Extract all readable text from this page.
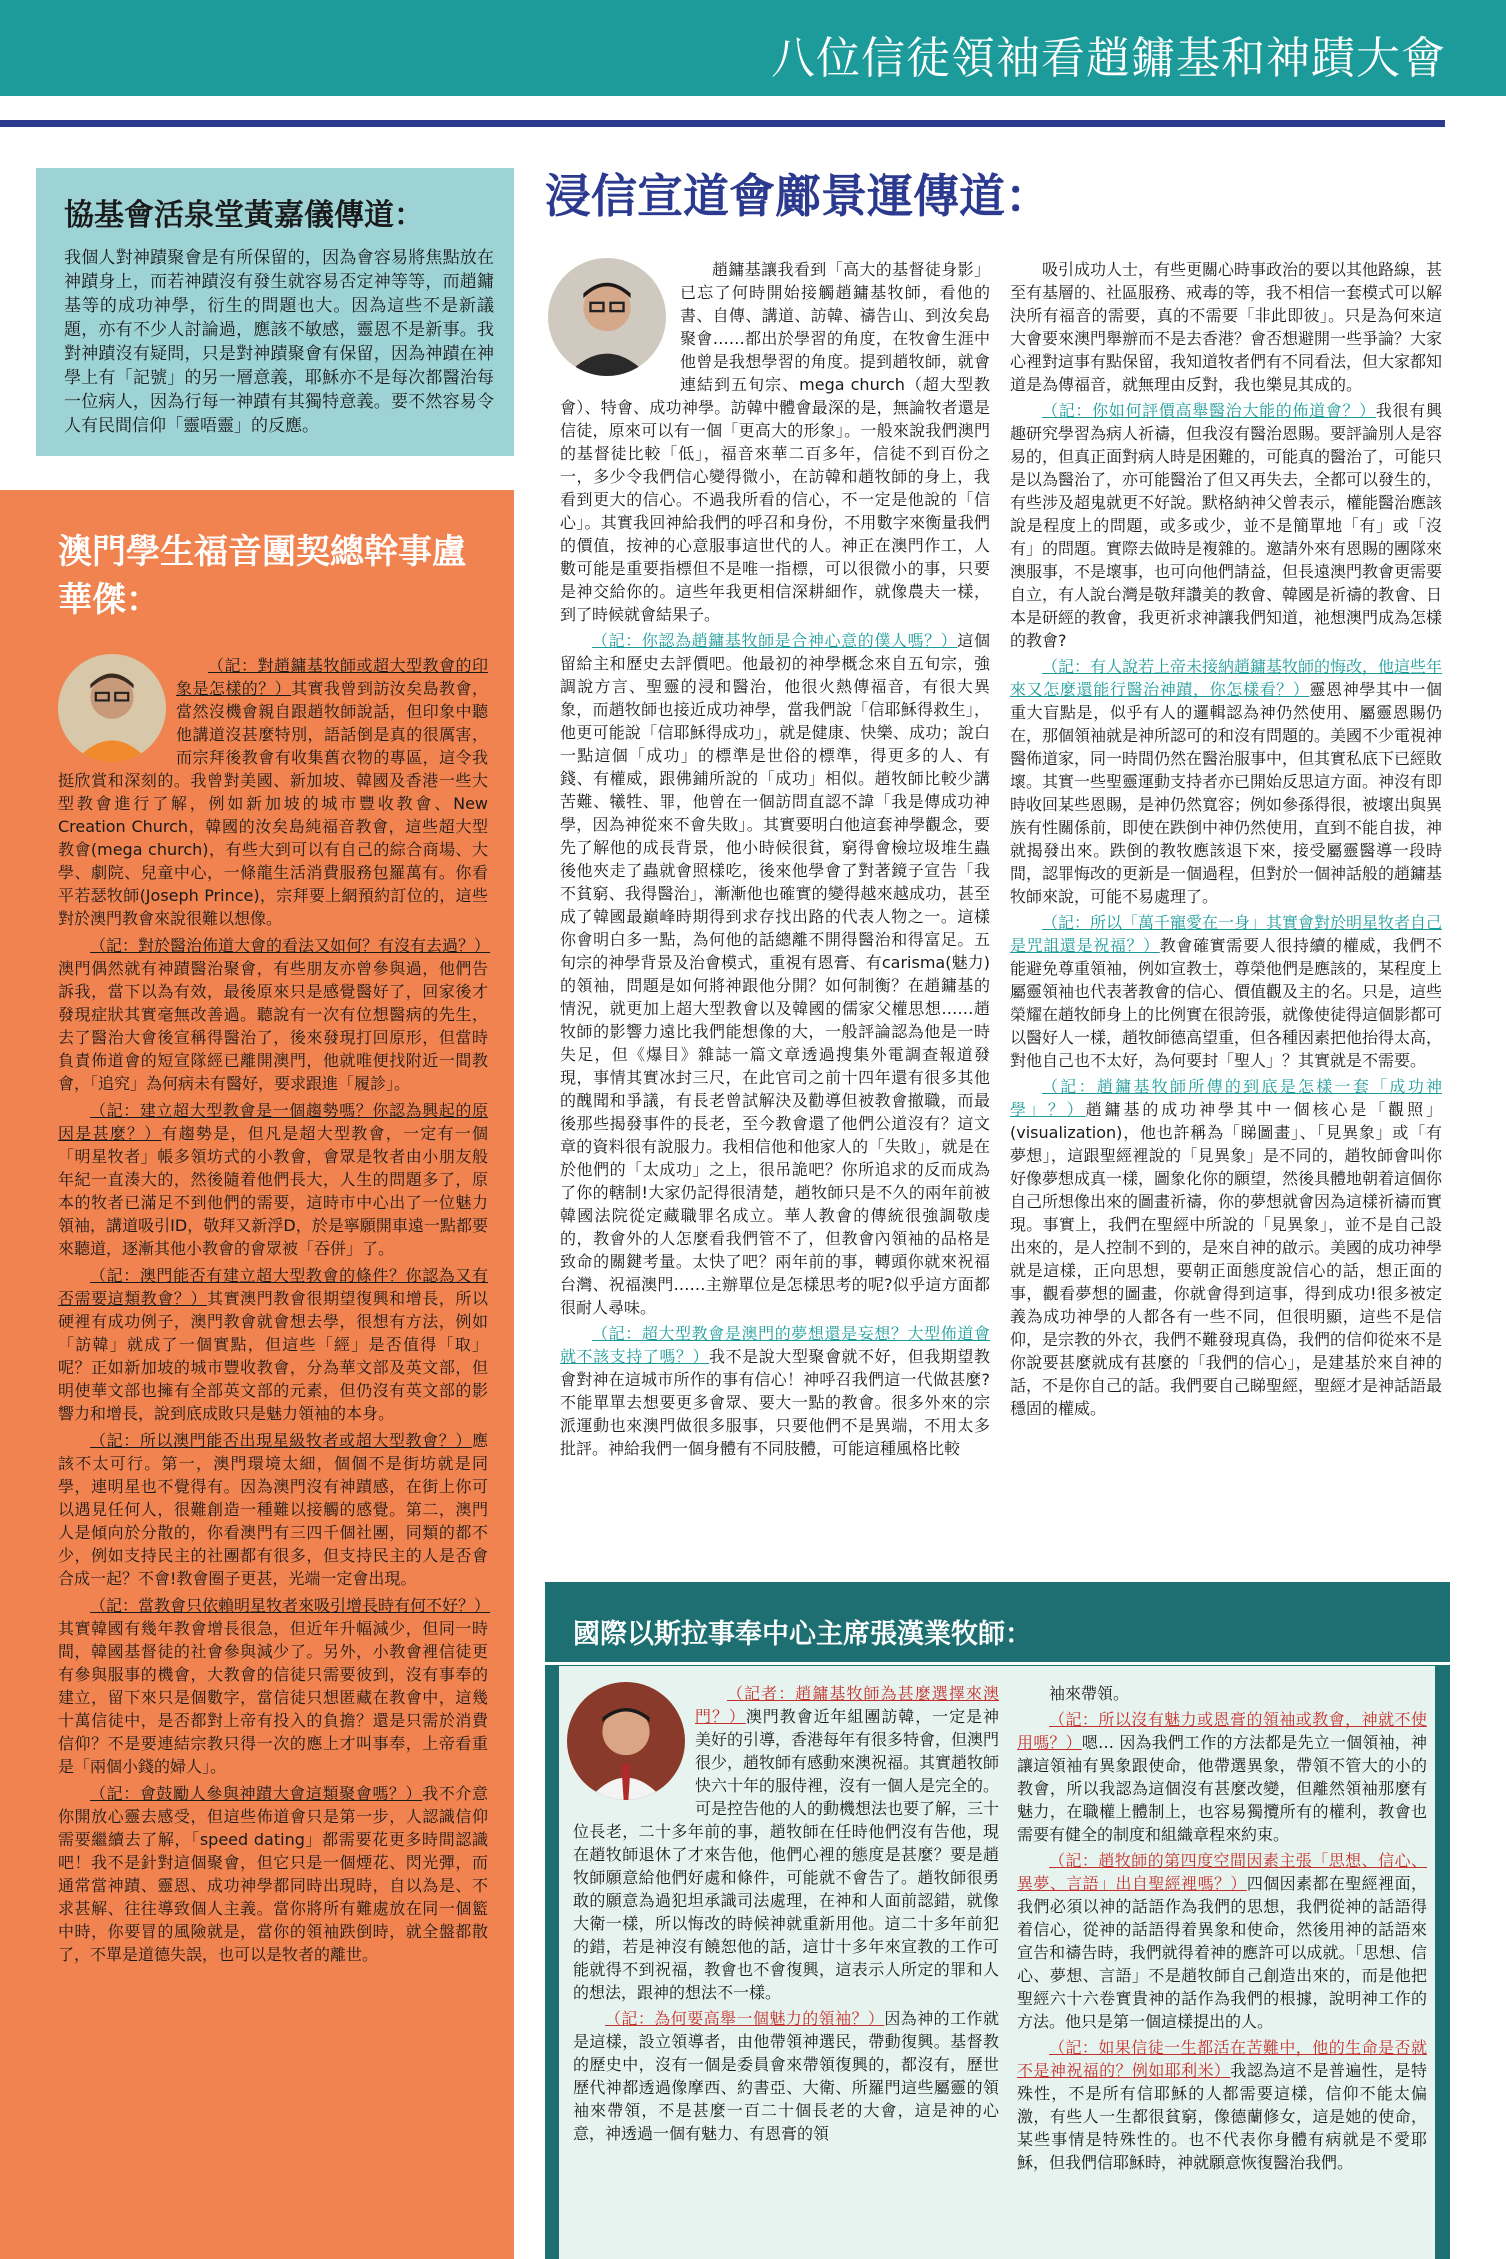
八位信徒領袖看趙鏞基和神蹟大會
協基會活泉堂黃嘉儀傳道：

我個人對神蹟聚會是有所保留的，因為會容易將焦點放在神蹟身上，而若神蹟沒有發生就容易否定神等等，而趙鏞基等的成功神學，衍生的問題也大。因為這些不是新議題，亦有不少人討論過，應該不敏感，靈恩不是新事。我對神蹟沒有疑問，只是對神蹟聚會有保留，因為神蹟在神學上有「記號」的另一層意義，耶穌亦不是每次都醫治每一位病人，因為行每一神蹟有其獨特意義。要不然容易令人有民間信仰「靈唔靈」的反應。

澳門學生福音團契總幹事盧華傑：

（記：對趙鏞基牧師或超大型教會的印象是怎樣的？）其實我曾到訪汝矣島教會，當然沒機會親自跟趙牧師說話，但印象中聽他講道沒甚麼特別，語話倒是真的很厲害，而宗拜後教會有收集舊衣物的專區，這令我挺欣賞和深刻的。我曾對美國、新加坡、韓國及香港一些大型教會進行了解，例如新加坡的城市豐收教會、New Creation Church，韓國的汝矣島純福音教會，這些超大型教會(mega church)，有些大到可以有自己的綜合商場、大學、劇院、兒童中心，一條龍生活消費服務包羅萬有。你看平若瑟牧師(Joseph Prince)，宗拜要上網預約訂位的，這些對於澳門教會來說很難以想像。

（記：對於醫治佈道大會的看法又如何？有沒有去過？）澳門偶然就有神蹟醫治聚會，有些朋友亦曾參與過，他們告訴我，當下以為有效，最後原來只是感覺醫好了，回家後才發現症狀其實毫無改善過。聽說有一次有位想醫病的先生，去了醫治大會後宣稱得醫治了，後來發現打回原形，但當時負責佈道會的短宣隊經已離開澳門，他就唯便找附近一間教會，「追究」為何病未有醫好，要求跟進「履診」。

（記：建立超大型教會是一個趨勢嗎？你認為興起的原因是甚麼？）有趨勢是，但凡是超大型教會，一定有一個「明星牧者」帳多領坊式的小教會，會眾是牧者由小朋友般年紀一直湊大的，然後隨着他們長大，人生的問題多了，原本的牧者已滿足不到他們的需要，這時市中心出了一位魅力領袖，講道吸引ID，敬拜又新浮D，於是寧願開車遠一點都要來聽道，逐漸其他小教會的會眾被「吞併」了。

（記：澳門能否有建立超大型教會的條件？你認為又有否需要這類教會？）其實澳門教會很期望復興和增長，所以硬裡有成功例子，澳門教會就會想去學，很想有方法，例如「訪韓」就成了一個實點，但這些「經」是否值得「取」呢？正如新加坡的城市豐收教會，分為華文部及英文部，但明使華文部也擁有全部英文部的元素，但仍沒有英文部的影響力和增長，說到底成敗只是魅力領袖的本身。

（記：所以澳門能否出現星級牧者或超大型教會？）應該不太可行。第一，澳門環境太細，個個不是街坊就是同學，連明星也不覺得有。因為澳門沒有神蹟感，在街上你可以遇見任何人，很難創造一種難以接觸的感覺。第二，澳門人是傾向於分散的，你看澳門有三四千個社團，同類的都不少，例如支持民主的社團都有很多，但支持民主的人是否會合成一起？不會!教會圈子更甚，光端一定會出現。

（記：當教會只依賴明星牧者來吸引增長時有何不好？）其實韓國有幾年教會增長很急，但近年升幅減少，但同一時間，韓國基督徒的社會參與減少了。另外，小教會裡信徒更有參與服事的機會，大教會的信徒只需要彼到，沒有事奉的建立，留下來只是個數字，當信徒只想匿藏在教會中，這幾十萬信徒中，是否都對上帝有投入的負擔？還是只需於消費信仰？不是要連結宗教只得一次的應上才叫事奉，上帝看重是「兩個小錢的婦人」。

（記：會鼓勵人參與神蹟大會這類聚會嗎？）我不介意你開放心靈去感受，但這些佈道會只是第一步，人認識信仰需要繼續去了解，「speed dating」都需要花更多時間認識吧！我不是針對這個聚會，但它只是一個煙花、閃光彈，而通常當神蹟、靈恩、成功神學都同時出現時，自以為是、不求甚解、往往導致個人主義。當你將所有難處放在同一個籃中時，你要冒的風險就是，當你的領袖跌倒時，就全盤都散了，不單是道德失誤，也可以是牧者的離世。

浸信宣道會鄺景運傳道：

趙鏞基讓我看到「高大的基督徒身影」已忘了何時開始接觸趙鏞基牧師，看他的書、自傳、講道、訪韓、禱告山、到汝矣島聚會……都出於學習的角度，在牧會生涯中他曾是我想學習的角度。提到趙牧師，就會連結到五旬宗、mega church（超大型教會）、特會、成功神學。訪韓中體會最深的是，無論牧者還是信徒，原來可以有一個「更高大的形象」。一般來說我們澳門的基督徒比較「低」，福音來華二百多年，信徒不到百份之一，多少令我們信心變得微小，在訪韓和趙牧師的身上，我看到更大的信心。不過我所看的信心，不一定是他說的「信心」。其實我回神給我們的呼召和身份，不用數字來衡量我們的價值，按神的心意服事這世代的人。神正在澳門作工，人數可能是重要指標但不是唯一指標，可以很微小的事，只要是神交給你的。這些年我更相信深耕細作，就像農夫一樣，到了時候就會結果子。

（記：你認為趙鏞基牧師是合神心意的僕人嗎？）這個留給主和歷史去評價吧。他最初的神學概念來自五旬宗，強調說方言、聖靈的浸和醫治，他很火熱傳福音，有很大異象，而趙牧師也接近成功神學，當我們說「信耶穌得救生」，他更可能說「信耶穌得成功」，就是健康、快樂、成功；說白一點這個「成功」的標準是世俗的標準，得更多的人、有錢、有權威，跟佛鋪所說的「成功」相似。趙牧師比較少講苦難、犧牲、罪，他曾在一個訪問直認不諱「我是傳成功神學，因為神從來不會失敗」。其實要明白他這套神學觀念，要先了解他的成長背景，他小時候很貧，窮得會檢垃圾堆生蟲後他夾走了蟲就會照樣吃，後來他學會了對著鏡子宣告「我不貧窮、我得醫治」，漸漸他也確實的變得越來越成功，甚至成了韓國最巔峰時期得到求存找出路的代表人物之一。這樣你會明白多一點，為何他的話總離不開得醫治和得富足。五旬宗的神學背景及治會模式，重視有恩膏、有carisma(魅力)的領袖，問題是如何將神跟他分開？如何制衡？在趙鏞基的情況，就更加上超大型教會以及韓國的儒家父權思想……趙牧師的影響力遠比我們能想像的大，一般評論認為他是一時失足，但《爆目》雜誌一篇文章透過搜集外電調查報道發現，事情其實冰封三尺，在此官司之前十四年還有很多其他的醜聞和爭議，有長老曾試解決及勸導但被教會撤職，而最後那些揭發事件的長老，至今教會還了他們公道沒有？這文章的資料很有說服力。我相信他和他家人的「失敗」，就是在於他們的「太成功」之上，很吊詭吧？你所追求的反而成為了你的轄制!大家仍記得很清楚，趙牧師只是不久的兩年前被韓國法院從定藏職罪名成立。華人教會的傳統很強調敬虔的，教會外的人怎麼看我們管不了，但教會內領袖的品格是致命的關鍵考量。太快了吧？兩年前的事，轉頭你就來祝福台灣、祝福澳門……主辦單位是怎樣思考的呢?似乎這方面都很耐人尋味。

（記：超大型教會是澳門的夢想還是妄想？大型佈道會就不該支持了嗎？）我不是說大型聚會就不好，但我期望教會對神在這城市所作的事有信心！神呼召我們這一代做甚麼?不能單單去想要更多會眾、要大一點的教會。很多外來的宗派運動也來澳門做很多服事，只要他們不是異端，不用太多批評。神給我們一個身體有不同肢體，可能這種風格比較

吸引成功人士，有些更關心時事政治的要以其他路線，甚至有基層的、社區服務、戒毒的等，我不相信一套模式可以解決所有福音的需要，真的不需要「非此即彼」。只是為何來這大會要來澳門舉辦而不是去香港？會否想避開一些爭論？大家心裡對這事有點保留，我知道牧者們有不同看法，但大家都知道是為傳福音，就無理由反對，我也樂見其成的。

（記：你如何評價高舉醫治大能的佈道會？）我很有興趣研究學習為病人祈禱，但我沒有醫治恩賜。要評論別人是容易的，但真正面對病人時是困難的，可能真的醫治了，可能只是以為醫治了，亦可能醫治了但又再失去，全都可以發生的，有些涉及超鬼就更不好說。默格納神父曾表示，權能醫治應該說是程度上的問題，或多或少，並不是簡單地「有」或「沒有」的問題。實際去做時是複雜的。邀請外來有恩賜的團隊來澳服事，不是壞事，也可向他們請益，但長遠澳門教會更需要自立，有人說台灣是敬拜讚美的教會、韓國是祈禱的教會、日本是研經的教會，我更祈求神讓我們知道，祂想澳門成為怎樣的教會?

（記：有人說若上帝未接納趙鏞基牧師的悔改，他這些年來又怎麼還能行醫治神蹟，你怎樣看？）靈恩神學其中一個重大盲點是，似乎有人的邏輯認為神仍然使用、屬靈恩賜仍在，那個領袖就是神所認可的和沒有問題的。美國不少電視神醫佈道家，同一時間仍然在醫治服事中，但其實私底下已經敗壞。其實一些聖靈運動支持者亦已開始反思這方面。神沒有即時收回某些恩賜，是神仍然寬容；例如參孫得很，被壞出與異族有性關係前，即使在跌倒中神仍然使用，直到不能自拔，神就揭發出來。跌倒的教牧應該退下來，接受屬靈醫導一段時間，認罪悔改的更新是一個過程，但對於一個神話般的趙鏞基牧師來說，可能不易處理了。

（記：所以「萬千寵愛在一身」其實會對於明星牧者自己是咒詛還是祝福？）教會確實需要人很持續的權威，我們不能避免尊重領袖，例如宣教士，尊榮他們是應該的，某程度上屬靈領袖也代表著教會的信心、價值觀及主的名。只是，這些榮耀在趙牧師身上的比例實在很誇張，就像使徒得這個影都可以醫好人一樣，趙牧師德高望重，但各種因素把他抬得太高，對他自己也不太好，為何要封「聖人」？其實就是不需要。

（記：趙鏞基牧師所傳的到底是怎樣一套「成功神學」？）趙鏞基的成功神學其中一個核心是「觀照」(visualization)，他也許稱為「睇圖畫」、「見異象」或「有夢想」，這跟聖經裡說的「見異象」是不同的，趙牧師會叫你好像夢想成真一樣，圖象化你的願望，然後具體地朝着這個你自己所想像出來的圖畫祈禱，你的夢想就會因為這樣祈禱而實現。事實上，我們在聖經中所說的「見異象」，並不是自己設出來的，是人控制不到的，是來自神的啟示。美國的成功神學就是這樣，正向思想，要朝正面態度說信心的話，想正面的事，觀看夢想的圖畫，你就會得到這事，得到成功!很多被定義為成功神學的人都各有一些不同，但很明顯，這些不是信仰，是宗教的外衣，我們不難發現真偽，我們的信仰從來不是你說要甚麼就成有甚麼的「我們的信心」，是建基於來自神的話，不是你自己的話。我們要自己睇聖經，聖經才是神話語最穩固的權威。

國際以斯拉事奉中心主席張漢業牧師：

（記者：趙鏞基牧師為甚麼選擇來澳門？）澳門教會近年組團訪韓，一定是神美好的引導，香港每年有很多特會，但澳門很少，趙牧師有感動來澳祝福。其實趙牧師快六十年的服侍裡，沒有一個人是完全的。可是控告他的人的動機想法也要了解，三十位長老，二十多年前的事，趙牧師在任時他們沒有告他，現在趙牧師退休了才來告他，他們心裡的態度是甚麼？要是趙牧師願意給他們好處和條件，可能就不會告了。趙牧師很勇敢的願意為過犯坦承識司法處理，在神和人面前認錯，就像大衛一樣，所以悔改的時候神就重新用他。這二十多年前犯的錯，若是神沒有饒恕他的話，這廿十多年來宣教的工作可能就得不到祝福，教會也不會復興，這表示人所定的罪和人的想法，跟神的想法不一樣。

（記：為何要高舉一個魅力的領袖？）因為神的工作就是這樣，設立領導者，由他帶領神選民，帶動復興。基督教的歷史中，沒有一個是委員會來帶領復興的，都沒有，歷世歷代神都透過像摩西、約書亞、大衛、所羅門這些屬靈的領袖來帶領，不是甚麼一百二十個長老的大會，這是神的心意，神透過一個有魅力、有恩膏的領

袖來帶領。

（記：所以沒有魅力或恩膏的領袖或教會，神就不使用嗎？）嗯… 因為我們工作的方法都是先立一個領袖，神讓這領袖有異象跟使命，他帶選異象，帶領不管大的小的教會，所以我認為這個沒有甚麼改變，但離然領袖那麼有魅力，在職權上體制上，也容易獨攬所有的權利，教會也需要有健全的制度和組織章程來約束。

（記：趙牧師的第四度空間因素主張「思想、信心、異夢、言語」出自聖經裡嗎？）四個因素都在聖經裡面，我們必須以神的話語作為我們的思想，我們從神的話語得着信心，從神的話語得着異象和使命，然後用神的話語來宣告和禱告時，我們就得着神的應許可以成就。「思想、信心、夢想、言語」不是趙牧師自己創造出來的，而是他把聖經六十六卷實貴神的話作為我們的根據，說明神工作的方法。他只是第一個這樣提出的人。

（記：如果信徒一生都活在苦難中，他的生命是否就不是神祝福的？例如耶利米）我認為這不是普遍性，是特殊性，不是所有信耶穌的人都需要這樣，信仰不能太偏激，有些人一生都很貧窮，像德蘭修女，這是她的使命，某些事情是特殊性的。也不代表你身體有病就是不愛耶穌，但我們信耶穌時，神就願意恢復醫治我們。
